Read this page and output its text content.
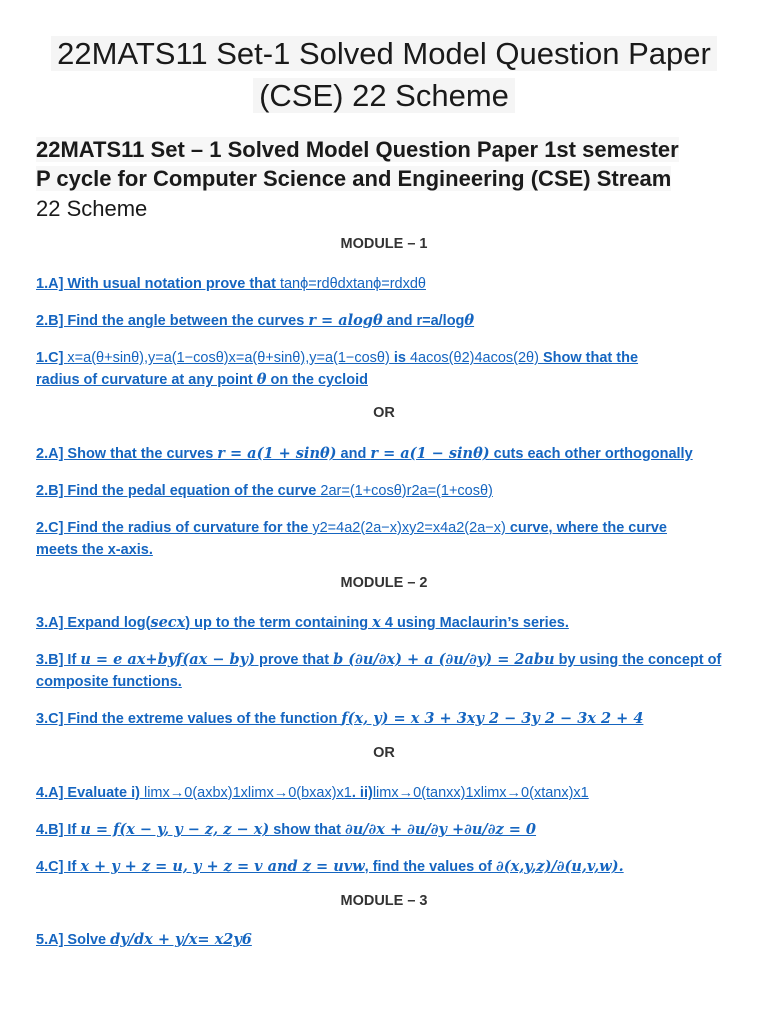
22MATS11 Set-1 Solved Model Question Paper
(CSE) 22 Scheme
22MATS11 Set – 1 Solved Model Question Paper 1st semester
P cycle for Computer Science and Engineering (CSE) Stream
22 Scheme

MODULE – 1

1.A] With usual notation prove that tanϕ=rdθdxtanϕ=rdxdθ

2.B] Find the angle between the curves r = alogθ and r=a/logθ

1.C] x=a(θ+sinθ),y=a(1−cosθ)x=a(θ+sinθ),y=a(1−cosθ) is 4acos(θ2)4acos(2θ) Show that the
radius of curvature at any point θ on the cycloid

OR

2.A] Show that the curves r = a(1 + sinθ) and r = a(1 − sinθ) cuts each other orthogonally

2.B] Find the pedal equation of the curve 2ar=(1+cosθ)r2a=(1+cosθ)

2.C] Find the radius of curvature for the y2=4a2(2a−x)xy2=x4a2(2a−x) curve, where the curve
meets the x-axis.

MODULE – 2

3.A] Expand log(secx) up to the term containing x 4 using Maclaurin’s series.

3.B] If u = e ax+byf(ax − by) prove that b (∂u/∂x) + a (∂u/∂y) = 2abu by using the concept of
composite functions.

3.C] Find the extreme values of the function f(x, y) = x 3 + 3xy 2 − 3y 2 − 3x 2 + 4

OR

4.A] Evaluate i) limx→0(axbx)1xlimx→0(bxax)x1. ii)limx→0(tanxx)1xlimx→0(xtanx)x1

4.B] If u = f(x − y, y − z, z − x) show that ∂u/∂x + ∂u/∂y +∂u/∂z = 0

4.C] If x + y + z = u, y + z = v and z = uvw, find the values of ∂(x,y,z)/∂(u,v,w).

MODULE – 3

5.A] Solve dy/dx + y/x= x2y6
